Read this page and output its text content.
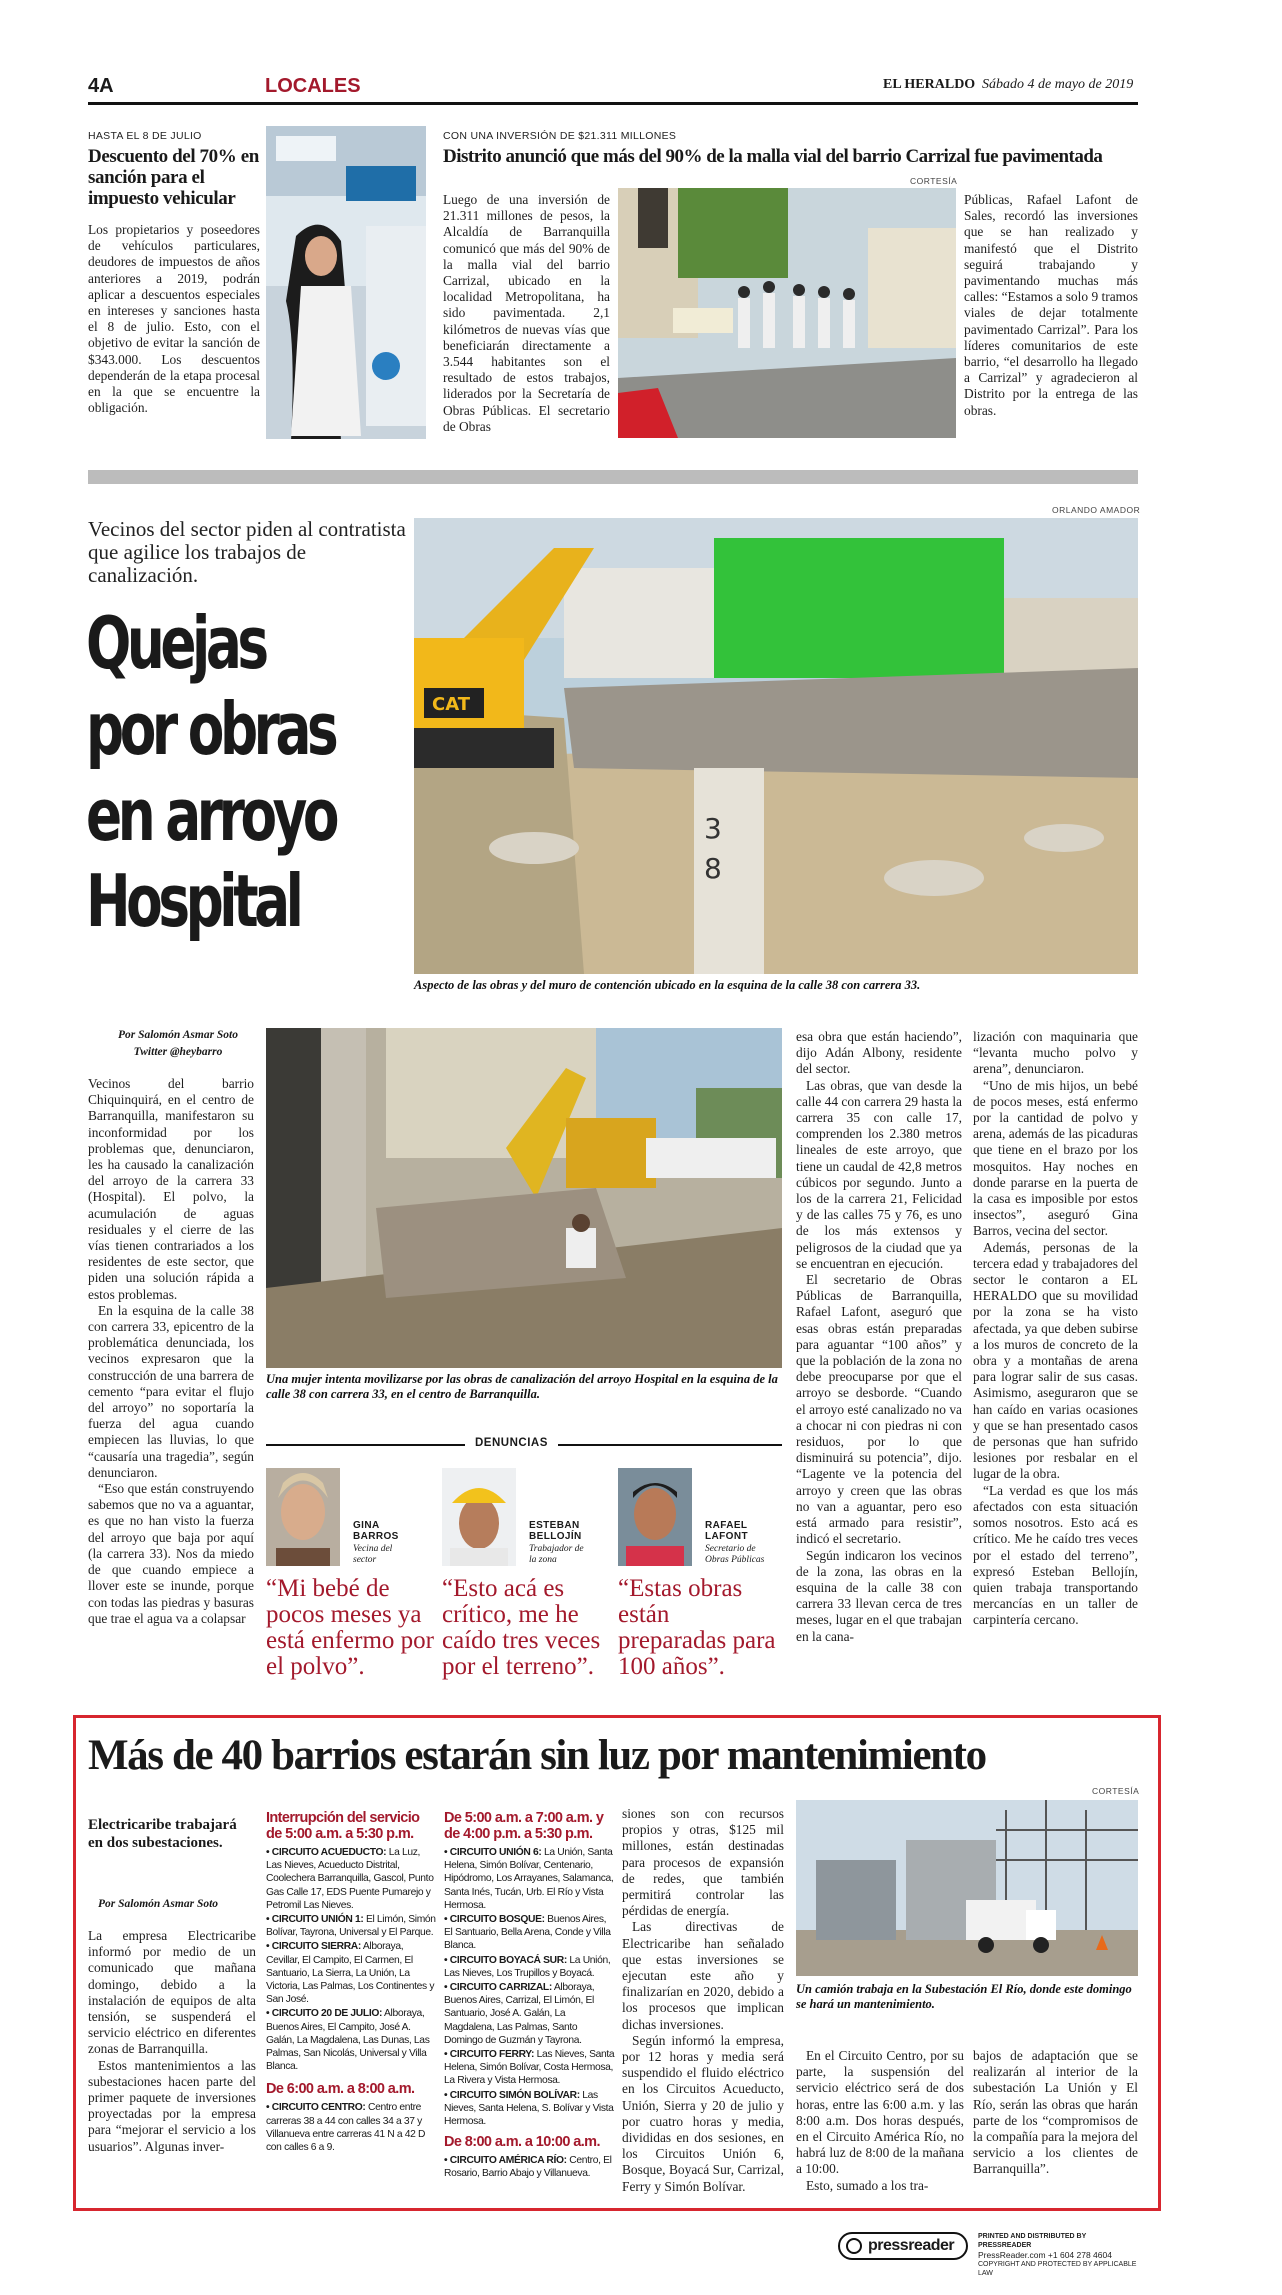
4A	LOCALES	EL HERALDO Sábado 4 de mayo de 2019
HASTA EL 8 DE JULIO
Descuento del 70% en sanción para el impuesto vehicular

Los propietarios y poseedores de vehículos particulares, deudores de impuestos de años anteriores a 2019, podrán aplicar a descuentos especiales en intereses y sanciones hasta el 8 de julio. Esto, con el objetivo de evitar la sanción de $343.000. Los descuentos dependerán de la etapa procesal en la que se encuentre la obligación.

CON UNA INVERSIÓN DE $21.311 MILLONES
Distrito anunció que más del 90% de la malla vial del barrio Carrizal fue pavimentada
CORTESÍA

Luego de una inversión de 21.311 millones de pesos, la Alcaldía de Barranquilla comunicó que más del 90% de la malla vial del barrio Carrizal, ubicado en la localidad Metropolitana, ha sido pavimentada. 2,1 kilómetros de nuevas vías que beneficiarán directamente a 3.544 habitantes son el resultado de estos trabajos, liderados por la Secretaría de Obras Públicas. El secretario de Obras

Públicas, Rafael Lafont de Sales, recordó las inversiones que se han realizado y manifestó que el Distrito seguirá trabajando y pavimentando muchas más calles: “Estamos a solo 9 tramos viales de dejar totalmente pavimentado Carrizal”. Para los líderes comunitarios de este barrio, “el desarrollo ha llegado a Carrizal” y agradecieron al Distrito por la entrega de las obras.

Vecinos del sector piden al contratista que agilice los trabajos de canalización.
Quejas
por obras
en arroyo
Hospital
ORLANDO AMADOR
CAT
3
8
Aspecto de las obras y del muro de contención ubicado en la esquina de la calle 38 con carrera 33.
Por Salomón Asmar Soto
Twitter @heybarro

Vecinos del barrio Chiquinquirá, en el centro de Barranquilla, manifestaron su inconformidad por los problemas que, denunciaron, les ha causado la canalización del arroyo de la carrera 33 (Hospital). El polvo, la acumulación de aguas residuales y el cierre de las vías tienen contrariados a los residentes de este sector, que piden una solución rápida a estos problemas.

En la esquina de la calle 38 con carrera 33, epicentro de la problemática denunciada, los vecinos expresaron que la construcción de una barrera de cemento “para evitar el flujo del arroyo” no soportaría la fuerza del agua cuando empiecen las lluvias, lo que “causaría una tragedia”, según denunciaron.

“Eso que están construyendo sabemos que no va a aguantar, es que no han visto la fuerza del arroyo que baja por aquí (la carrera 33). Nos da miedo de que cuando empiece a llover este se inunde, porque con todas las piedras y basuras que trae el agua va a colapsar

Una mujer intenta movilizarse por las obras de canalización del arroyo Hospital en la esquina de la calle 38 con carrera 33, en el centro de Barranquilla.

esa obra que están haciendo”, dijo Adán Albony, residente del sector.

Las obras, que van desde la calle 44 con carrera 29 hasta la carrera 35 con calle 17, comprenden los 2.380 metros lineales de este arroyo, que tiene un caudal de 42,8 metros cúbicos por segundo. Junto a los de la carrera 21, Felicidad y de las calles 75 y 76, es uno de los más extensos y peligrosos de la ciudad que ya se encuentran en ejecución.

El secretario de Obras Públicas de Barranquilla, Rafael Lafont, aseguró que esas obras están preparadas para aguantar “100 años” y que la población de la zona no debe preocuparse por que el arroyo se desborde. “Cuando el arroyo esté canalizado no va a chocar ni con piedras ni con residuos, por lo que disminuirá su potencia”, dijo. “Lagente ve la potencia del arroyo y creen que las obras no van a aguantar, pero eso está armado para resistir”, indicó el secretario.

Según indicaron los vecinos de la zona, las obras en la esquina de la calle 38 con carrera 33 llevan cerca de tres meses, lugar en el que trabajan en la cana-

lización con maquinaria que “levanta mucho polvo y arena”, denunciaron.

“Uno de mis hijos, un bebé de pocos meses, está enfermo por la cantidad de polvo y arena, además de las picaduras que tiene en el brazo por los mosquitos. Hay noches en donde pararse en la puerta de la casa es imposible por estos insectos”, aseguró Gina Barros, vecina del sector.

Además, personas de la tercera edad y trabajadores del sector le contaron a EL HERALDO que su movilidad por la zona se ha visto afectada, ya que deben subirse a los muros de concreto de la obra y a montañas de arena para lograr salir de sus casas. Asimismo, aseguraron que se han caído en varias ocasiones y que se han presentado casos de personas que han sufrido lesiones por resbalar en el lugar de la obra.

“La verdad es que los más afectados con esta situación somos nosotros. Esto acá es crítico. Me he caído tres veces por el estado del terreno”, expresó Esteban Bellojín, quien trabaja transportando mercancías en un taller de carpintería cercano.

DENUNCIAS
GINA BARROS
Vecina del sector
“Mi bebé de pocos meses ya está enfermo por el polvo”.
ESTEBAN BELLOJÍN
Trabajador de la zona
“Esto acá es crítico, me he caído tres veces por el terreno”.
RAFAEL LAFONT
Secretario de Obras Públicas
“Estas obras están preparadas para 100 años”.
Más de 40 barrios estarán sin luz por mantenimiento
CORTESÍA
Electricaribe trabajará en dos subestaciones.
Por Salomón Asmar Soto

La empresa Electricaribe informó por medio de un comunicado que mañana domingo, debido a la instalación de equipos de alta tensión, se suspenderá el servicio eléctrico en diferentes zonas de Barranquilla.

Estos mantenimientos a las subestaciones hacen parte del primer paquete de inversiones proyectadas por la empresa para “mejorar el servicio a los usuarios”. Algunas inver-

Interrupción del servicio de 5:00 a.m. a 5:30 p.m.

• CIRCUITO ACUEDUCTO: La Luz, Las Nieves, Acueducto Distrital, Coolechera Barranquilla, Gascol, Punto Gas Calle 17, EDS Puente Pumarejo y Petromil Las Nieves.

• CIRCUITO UNIÓN 1: El Limón, Simón Bolívar, Tayrona, Universal y El Parque.

• CIRCUITO SIERRA: Alboraya, Cevillar, El Campito, El Carmen, El Santuario, La Sierra, La Unión, La Victoria, Las Palmas, Los Continentes y San José.

• CIRCUITO 20 DE JULIO: Alboraya, Buenos Aires, El Campito, José A. Galán, La Magdalena, Las Dunas, Las Palmas, San Nicolás, Universal y Villa Blanca.

De 6:00 a.m. a 8:00 a.m.

• CIRCUITO CENTRO: Centro entre carreras 38 a 44 con calles 34 a 37 y Villanueva entre carreras 41 N a 42 D con calles 6 a 9.

De 5:00 a.m. a 7:00 a.m. y de 4:00 p.m. a 5:30 p.m.

• CIRCUITO UNIÓN 6: La Unión, Santa Helena, Simón Bolívar, Centenario, Hipódromo, Los Arrayanes, Salamanca, Santa Inés, Tucán, Urb. El Río y Vista Hermosa.

• CIRCUITO BOSQUE: Buenos Aires, El Santuario, Bella Arena, Conde y Villa Blanca.

• CIRCUITO BOYACÁ SUR: La Unión, Las Nieves, Los Trupillos y Boyacá.

• CIRCUITO CARRIZAL: Alboraya, Buenos Aires, Carrizal, El Limón, El Santuario, José A. Galán, La Magdalena, Las Palmas, Santo Domingo de Guzmán y Tayrona.

• CIRCUITO FERRY: Las Nieves, Santa Helena, Simón Bolívar, Costa Hermosa, La Rivera y Vista Hermosa.

• CIRCUITO SIMÓN BOLÍVAR: Las Nieves, Santa Helena, S. Bolívar y Vista Hermosa.

De 8:00 a.m. a 10:00 a.m.

• CIRCUITO AMÉRICA RÍO: Centro, El Rosario, Barrio Abajo y Villanueva.

siones son con recursos propios y otras, $125 mil millones, están destinadas para procesos de expansión de redes, que también permitirá controlar las pérdidas de energía.

Las directivas de Electricaribe han señalado que estas inversiones se ejecutan este año y finalizarían en 2020, debido a los procesos que implican dichas inversiones.

Según informó la empresa, por 12 horas y media será suspendido el fluido eléctrico en los Circuitos Acueducto, Unión, Sierra y 20 de julio y por cuatro horas y media, divididas en dos sesiones, en los Circuitos Unión 6, Bosque, Boyacá Sur, Carrizal, Ferry y Simón Bolívar.

Un camión trabaja en la Subestación El Río, donde este domingo se hará un mantenimiento.

En el Circuito Centro, por su parte, la suspensión del servicio eléctrico será de dos horas, entre las 6:00 a.m. y las 8:00 a.m. Dos horas después, en el Circuito América Río, no habrá luz de 8:00 de la mañana a 10:00.

Esto, sumado a los tra-

bajos de adaptación que se realizarán al interior de la subestación La Unión y El Río, serán las obras que harán parte de los “compromisos de la compañía para la mejora del servicio a los clientes de Barranquilla”.

pressreader
PRINTED AND DISTRIBUTED BY PRESSREADER
PressReader.com +1 604 278 4604
COPYRIGHT AND PROTECTED BY APPLICABLE LAW
